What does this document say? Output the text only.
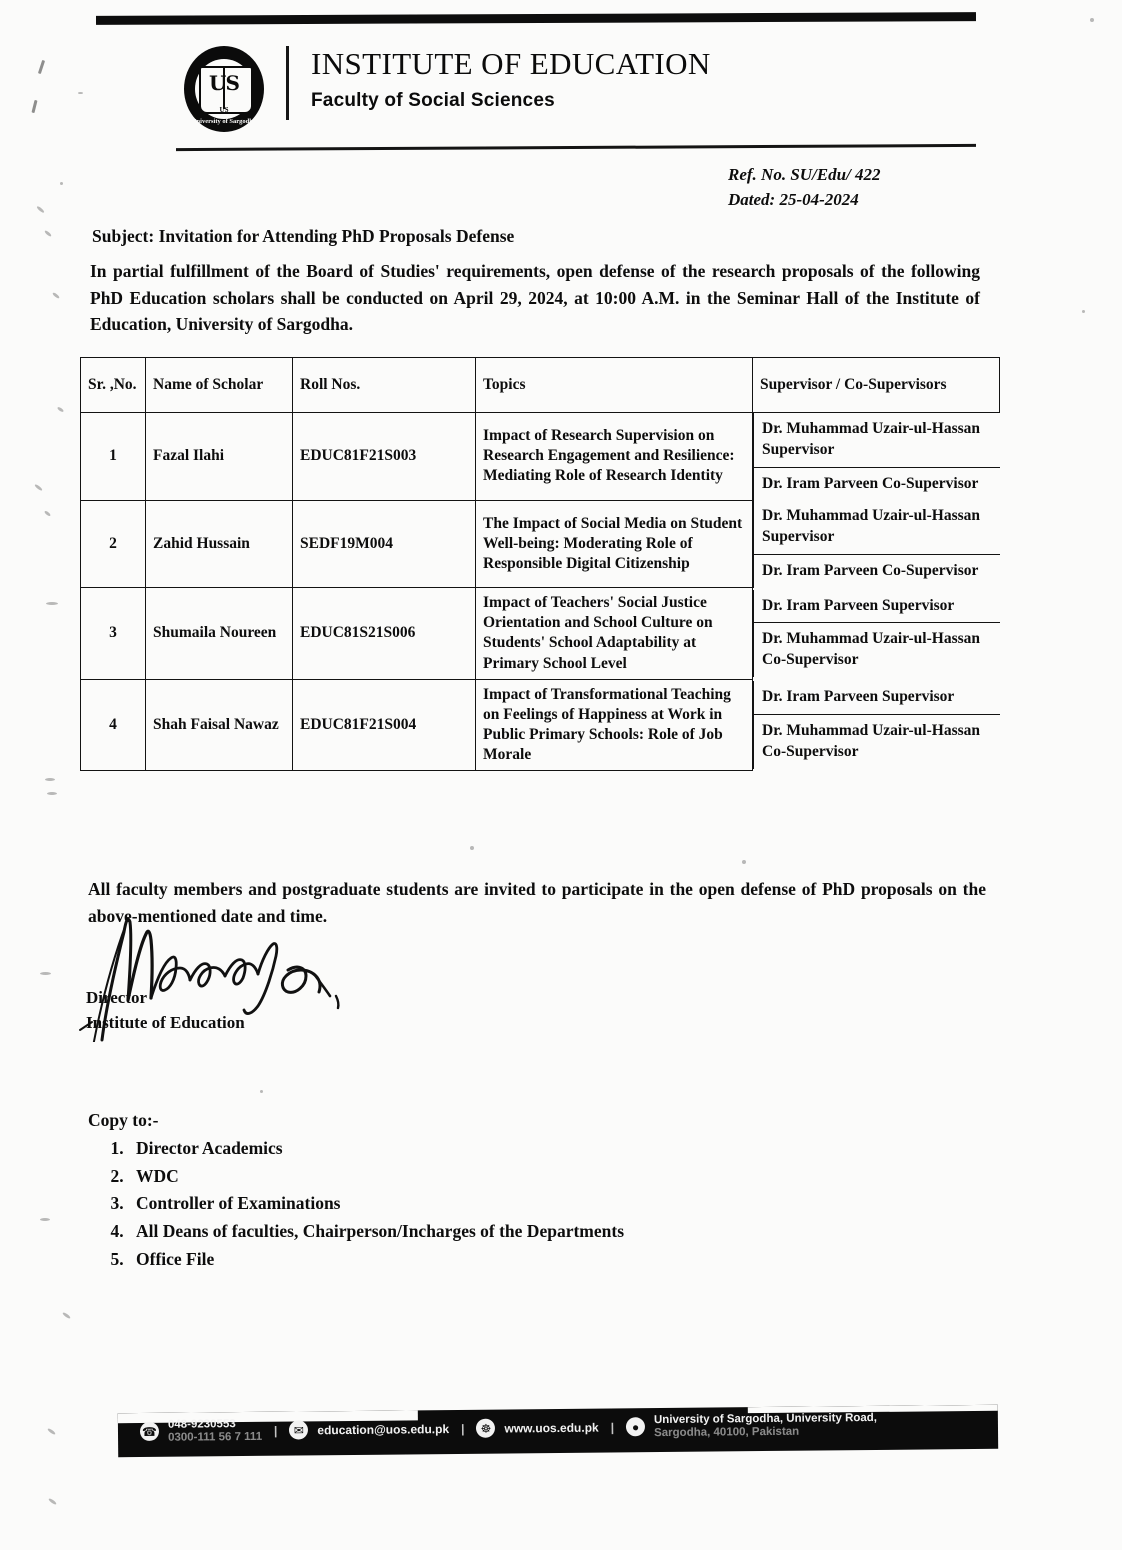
US
US
University of Sargodha
INSTITUTE OF EDUCATION
Faculty of Social Sciences
Ref. No. SU/Edu/ 422
Dated: 25-04-2024
Subject: Invitation for Attending PhD Proposals Defense
In partial fulfillment of the Board of Studies' requirements, open defense of the research proposals of the following PhD Education scholars shall be conducted on April 29, 2024, at 10:00 A.M. in the Seminar Hall of the Institute of Education, University of Sargodha.
Sr. ,No.	Name of Scholar	Roll Nos.	Topics	Supervisor / Co-Supervisors
1	Fazal Ilahi	EDUC81F21S003	Impact of Research Supervision on Research Engagement and Resilience: Mediating Role of Research Identity	
Dr. Muhammad Uzair-ul-Hassan Supervisor
Dr. Iram Parveen Co-Supervisor

2	Zahid Hussain	SEDF19M004	The Impact of Social Media on Student Well-being: Moderating Role of Responsible Digital Citizenship	
Dr. Muhammad Uzair-ul-Hassan Supervisor
Dr. Iram Parveen Co-Supervisor

3	Shumaila Noureen	EDUC81S21S006	Impact of Teachers' Social Justice Orientation and School Culture on Students' School Adaptability at Primary School Level	
Dr. Iram Parveen Supervisor
Dr. Muhammad Uzair-ul-Hassan Co-Supervisor

4	Shah Faisal Nawaz	EDUC81F21S004	Impact of Transformational Teaching on Feelings of Happiness at Work in Public Primary Schools: Role of Job Morale	
Dr. Iram Parveen Supervisor
Dr. Muhammad Uzair-ul-Hassan Co-Supervisor
All faculty members and postgraduate students are invited to participate in the open defense of PhD proposals on the above-mentioned date and time.
Director
Institute of Education
Copy to:-
1. Director Academics
2. WDC
3. Controller of Examinations
4. All Deans of faculties, Chairperson/Incharges of the Departments
5. Office File
☎
048-9230553
0300-111 56 7 111 |	✉	education@uos.edu.pk |	☸	www.uos.edu.pk |	●
University of Sargodha, University Road,
Sargodha, 40100, Pakistan
